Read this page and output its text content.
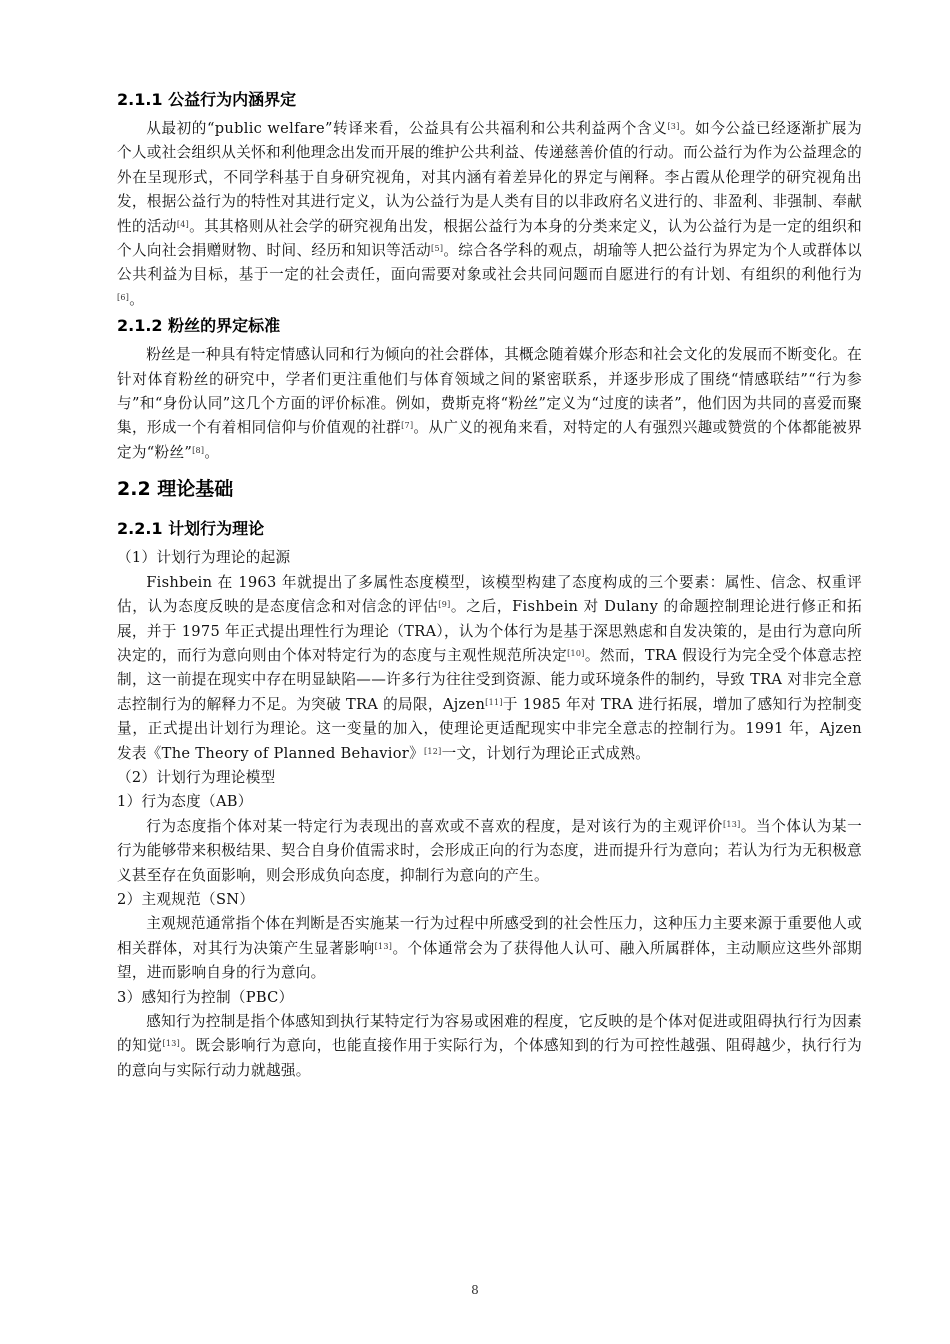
2.1.1 公益行为内涵界定

从最初的“public welfare”转译来看，公益具有公共福利和公共利益两个含义[3]。如今公益已经逐渐扩展为个人或社会组织从关怀和利他理念出发而开展的维护公共利益、传递慈善价值的行动。而公益行为作为公益理念的外在呈现形式，不同学科基于自身研究视角，对其内涵有着差异化的界定与阐释。李占霞从伦理学的研究视角出发，根据公益行为的特性对其进行定义，认为公益行为是人类有目的以非政府名义进行的、非盈利、非强制、奉献性的活动[4]。其其格则从社会学的研究视角出发，根据公益行为本身的分类来定义，认为公益行为是一定的组织和个人向社会捐赠财物、时间、经历和知识等活动[5]。综合各学科的观点，胡瑜等人把公益行为界定为个人或群体以公共利益为目标，基于一定的社会责任，面向需要对象或社会共同问题而自愿进行的有计划、有组织的利他行为[6]。

2.1.2 粉丝的界定标准

粉丝是一种具有特定情感认同和行为倾向的社会群体，其概念随着媒介形态和社会文化的发展而不断变化。在针对体育粉丝的研究中，学者们更注重他们与体育领域之间的紧密联系，并逐步形成了围绕“情感联结”“行为参与”和“身份认同”这几个方面的评价标准。例如，费斯克将“粉丝”定义为“过度的读者”，他们因为共同的喜爱而聚集，形成一个有着相同信仰与价值观的社群[7]。从广义的视角来看，对特定的人有强烈兴趣或赞赏的个体都能被界定为“粉丝”[8]。

2.2 理论基础
2.2.1 计划行为理论

（1）计划行为理论的起源

Fishbein 在 1963 年就提出了多属性态度模型，该模型构建了态度构成的三个要素：属性、信念、权重评估，认为态度反映的是态度信念和对信念的评估[9]。之后，Fishbein 对 Dulany 的命题控制理论进行修正和拓展，并于 1975 年正式提出理性行为理论（TRA），认为个体行为是基于深思熟虑和自发决策的，是由行为意向所决定的，而行为意向则由个体对特定行为的态度与主观性规范所决定[10]。然而，TRA 假设行为完全受个体意志控制，这一前提在现实中存在明显缺陷——许多行为往往受到资源、能力或环境条件的制约，导致 TRA 对非完全意志控制行为的解释力不足。为突破 TRA 的局限，Ajzen[11]于 1985 年对 TRA 进行拓展，增加了感知行为控制变量，正式提出计划行为理论。这一变量的加入，使理论更适配现实中非完全意志的控制行为。1991 年，Ajzen 发表《The Theory of Planned Behavior》[12]一文，计划行为理论正式成熟。

（2）计划行为理论模型

1）行为态度（AB）

行为态度指个体对某一特定行为表现出的喜欢或不喜欢的程度，是对该行为的主观评价[13]。当个体认为某一行为能够带来积极结果、契合自身价值需求时，会形成正向的行为态度，进而提升行为意向；若认为行为无积极意义甚至存在负面影响，则会形成负向态度，抑制行为意向的产生。

2）主观规范（SN）

主观规范通常指个体在判断是否实施某一行为过程中所感受到的社会性压力，这种压力主要来源于重要他人或相关群体，对其行为决策产生显著影响[13]。个体通常会为了获得他人认可、融入所属群体，主动顺应这些外部期望，进而影响自身的行为意向。

3）感知行为控制（PBC）

感知行为控制是指个体感知到执行某特定行为容易或困难的程度，它反映的是个体对促进或阻碍执行行为因素的知觉[13]。既会影响行为意向，也能直接作用于实际行为，个体感知到的行为可控性越强、阻碍越少，执行行为的意向与实际行动力就越强。

8
